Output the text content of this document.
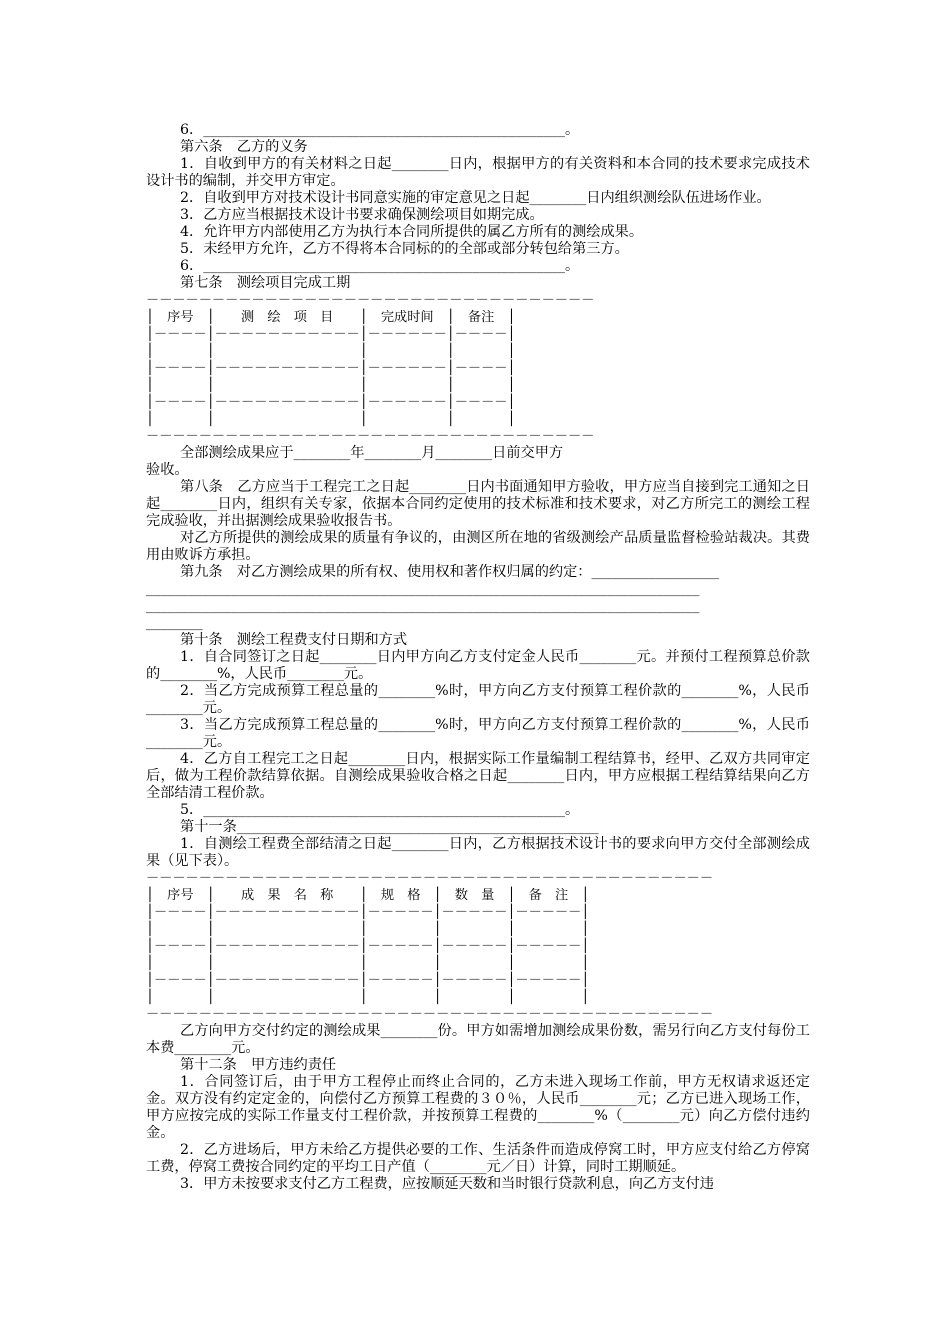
6．___________________________________________________。

第六条　乙方的义务

1．自收到甲方的有关材料之日起________日内，根据甲方的有关资料和本合同的技术要求完成技术设计书的编制，并交甲方审定。

2．自收到甲方对技术设计书同意实施的审定意见之日起________日内组织测绘队伍进场作业。

3．乙方应当根据技术设计书要求确保测绘项目如期完成。

4．允许甲方内部使用乙方为执行本合同所提供的属乙方所有的测绘成果。

5．未经甲方允许，乙方不得将本合同标的的全部或部分转包给第三方。

6．___________________________________________________。

第七条　测绘项目完成工期

－－－－－－－－－－－－－－－－－－－－－－－－－－－－－－－－－－

│　序号　│　　测　绘　项　目　　│　完成时间　│　备注　│

│－－－－│－－－－－－－－－－－│－－－－－－│－－－－│

│　　　　│　　　　　　　　　　　│　　　　　　│　　　　│

│－－－－│－－－－－－－－－－－│－－－－－－│－－－－│

│　　　　│　　　　　　　　　　　│　　　　　　│　　　　│

│－－－－│－－－－－－－－－－－│－－－－－－│－－－－│

│　　　　│　　　　　　　　　　　│　　　　　　│　　　　│

－－－－－－－－－－－－－－－－－－－－－－－－－－－－－－－－－－

全部测绘成果应于________年________月________日前交甲方

验收。

第八条　乙方应当于工程完工之日起________日内书面通知甲方验收，甲方应当自接到完工通知之日起________日内，组织有关专家，依据本合同约定使用的技术标准和技术要求，对乙方所完工的测绘工程完成验收，并出据测绘成果验收报告书。

对乙方所提供的测绘成果的质量有争议的，由测区所在地的省级测绘产品质量监督检验站裁决。其费用由败诉方承担。

第九条　对乙方测绘成果的所有权、使用权和著作权归属的约定：__________________

______________________________________________________________________________

______________________________________________________________________________

________

第十条　测绘工程费支付日期和方式

1．自合同签订之日起________日内甲方向乙方支付定金人民币________元。并预付工程预算总价款的________%，人民币________元。

2．当乙方完成预算工程总量的________%时，甲方向乙方支付预算工程价款的________%，人民币________元。

3．当乙方完成预算工程总量的________%时，甲方向乙方支付预算工程价款的________%，人民币________元。

4．乙方自工程完工之日起________日内，根据实际工作量编制工程结算书，经甲、乙双方共同审定后，做为工程价款结算依据。自测绘成果验收合格之日起________日内，甲方应根据工程结算结果向乙方全部结清工程价款。

5．___________________________________________________。

第十一条___________________________________________________

1．自测绘工程费全部结清之日起________日内，乙方根据技术设计书的要求向甲方交付全部测绘成果（见下表）。

－－－－－－－－－－－－－－－－－－－－－－－－－－－－－－－－－－－－－－－－－－－

│　序号　│　　成　果　名　称　　│　规　格　│　数　量　│　备　注　│

│－－－－│－－－－－－－－－－－│－－－－－│－－－－－│－－－－－│

│　　　　│　　　　　　　　　　　│　　　　　│　　　　　│　　　　　│

│－－－－│－－－－－－－－－－－│－－－－－│－－－－－│－－－－－│

│　　　　│　　　　　　　　　　　│　　　　　│　　　　　│　　　　　│

│－－－－│－－－－－－－－－－－│－－－－－│－－－－－│－－－－－│

│　　　　│　　　　　　　　　　　│　　　　　│　　　　　│　　　　　│

－－－－－－－－－－－－－－－－－－－－－－－－－－－－－－－－－－－－－－－－－－－

乙方向甲方交付约定的测绘成果________份。甲方如需增加测绘成果份数，需另行向乙方支付每份工本费________元。

第十二条　甲方违约责任

1．合同签订后，由于甲方工程停止而终止合同的，乙方未进入现场工作前，甲方无权请求返还定金。双方没有约定定金的，向偿付乙方预算工程费的３０％，人民币________元；乙方已进入现场工作，甲方应按完成的实际工作量支付工程价款，并按预算工程费的________%（________元）向乙方偿付违约金。

2．乙方进场后，甲方未给乙方提供必要的工作、生活条件而造成停窝工时，甲方应支付给乙方停窝工费，停窝工费按合同约定的平均工日产值（________元／日）计算，同时工期顺延。

3．甲方未按要求支付乙方工程费，应按顺延天数和当时银行贷款利息，向乙方支付违
